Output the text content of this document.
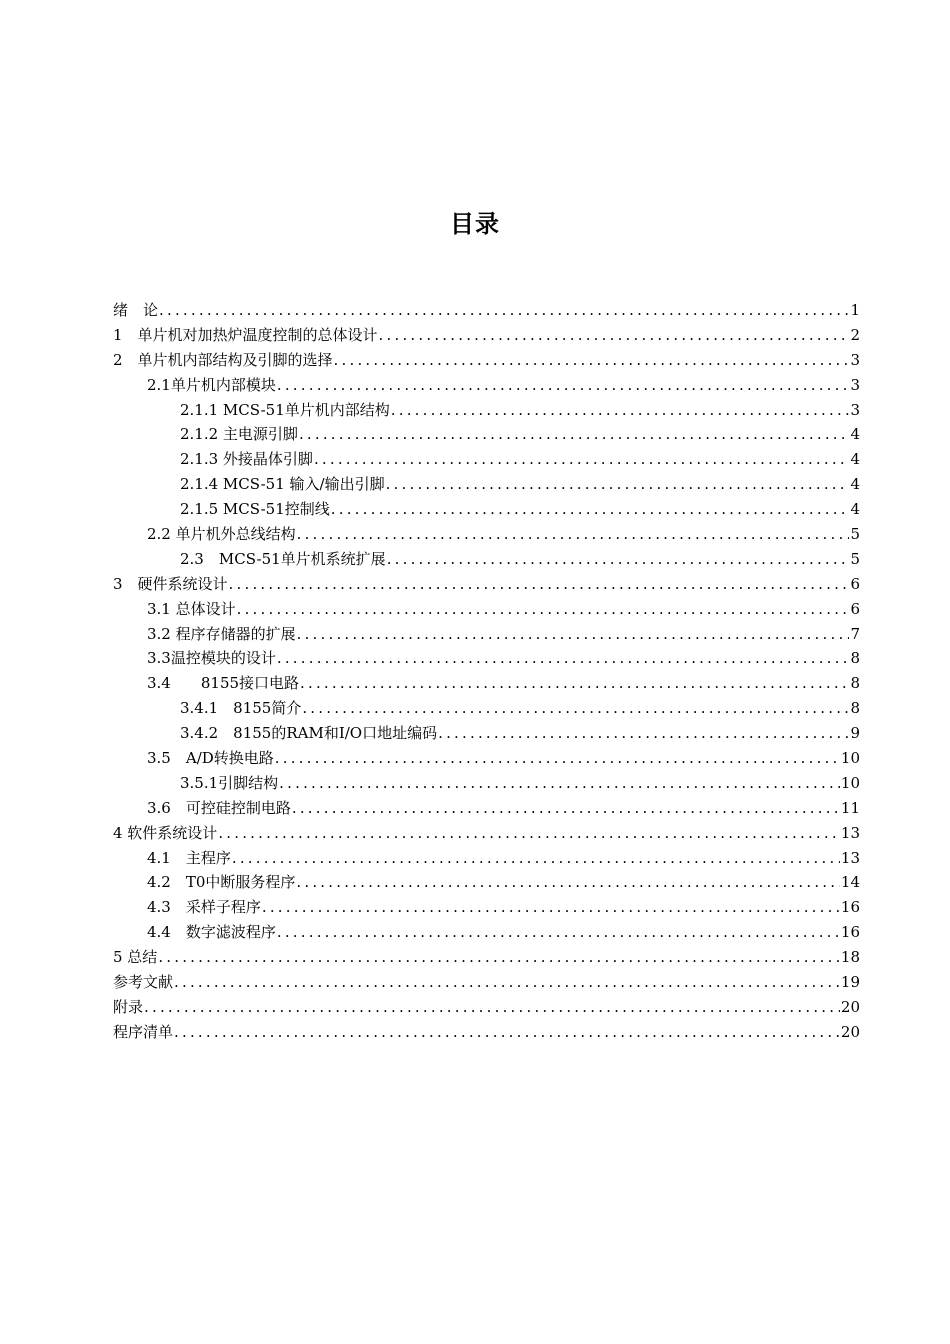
目录
绪　论 .....	1
1　单片机对加热炉温度控制的总体设计 .....	2
2　单片机内部结构及引脚的选择 .....	3
2.1单片机内部模块 .....	3
2.1.1 MCS-51单片机内部结构 .....	3
2.1.2 主电源引脚 .....	4
2.1.3 外接晶体引脚 .....	4
2.1.4 MCS-51 输入/输出引脚 .....	4
2.1.5 MCS-51控制线 .....	4
2.2 单片机外总线结构 .....	5
2.3　MCS-51单片机系统扩展 .....	5
3　硬件系统设计 .....	6
3.1 总体设计 .....	6
3.2 程序存储器的扩展 .....	7
3.3温控模块的设计 .....	8
3.4　　8155接口电路 .....	8
3.4.1　8155简介 .....	8
3.4.2　8155的RAM和I/O口地址编码 .....	9
3.5　A/D转换电路 .....	10
3.5.1引脚结构 .....	10
3.6　可控硅控制电路 .....	11
4 软件系统设计 .....	13
4.1　主程序 .....	13
4.2　T0中断服务程序 .....	14
4.3　采样子程序 .....	16
4.4　数字滤波程序 .....	16
5 总结 .....	18
参考文献 .....	19
附录 .....	20
程序清单 .....	20
